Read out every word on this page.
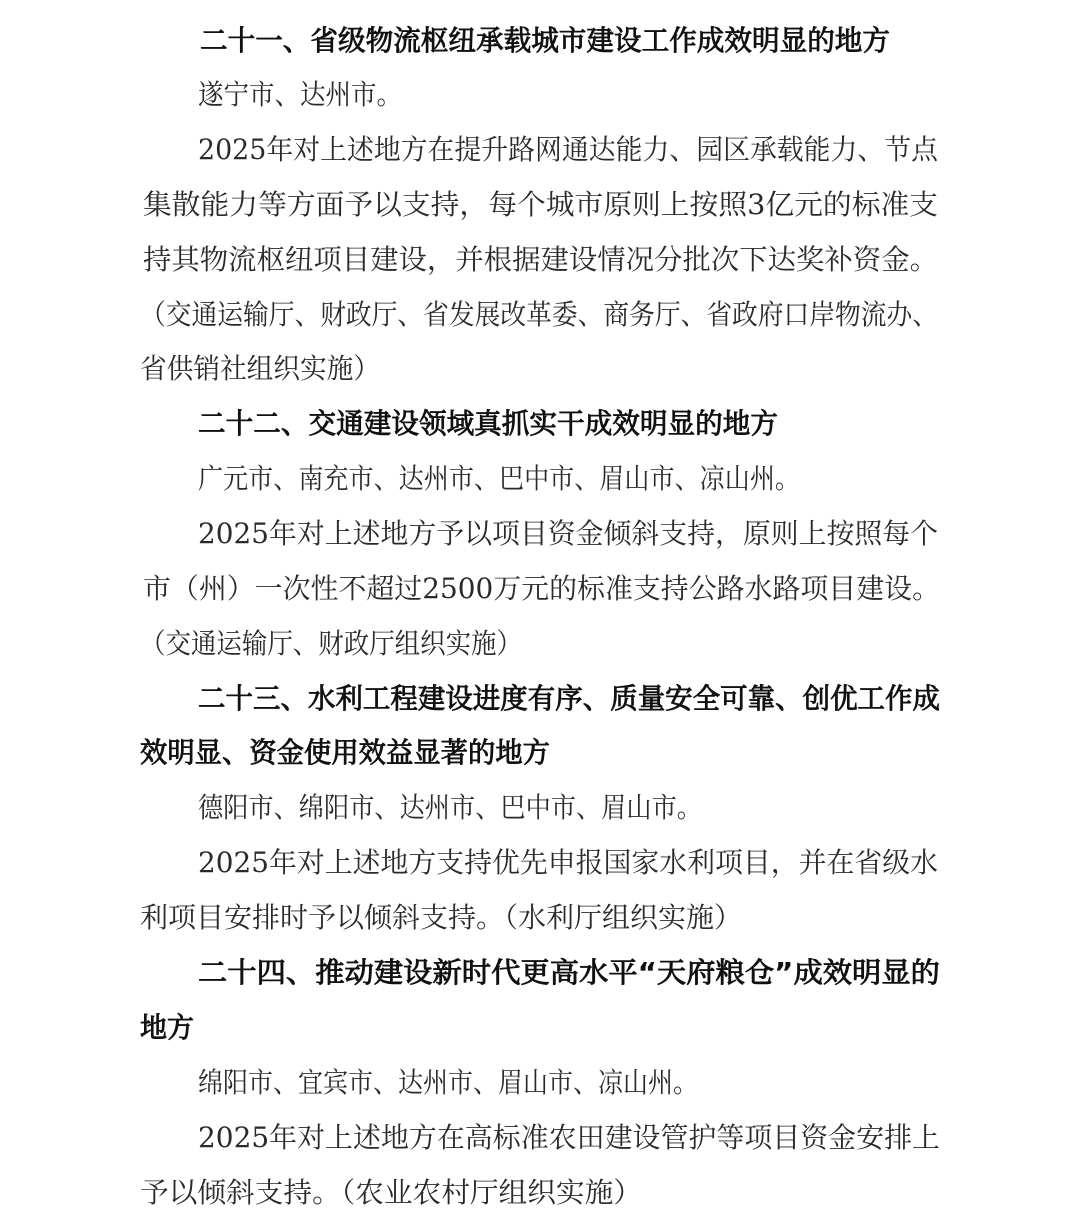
二十一、省级物流枢纽承载城市建设工作成效明显的地方
遂宁市、达州市。
2025年对上述地方在提升路网通达能力、园区承载能力、节点
集散能力等方面予以支持，每个城市原则上按照3亿元的标准支
持其物流枢纽项目建设，并根据建设情况分批次下达奖补资金。
（交通运输厅、财政厅、省发展改革委、商务厅、省政府口岸物流办、
省供销社组织实施）
二十二、交通建设领域真抓实干成效明显的地方
广元市、南充市、达州市、巴中市、眉山市、凉山州。
2025年对上述地方予以项目资金倾斜支持，原则上按照每个
市（州）一次性不超过2500万元的标准支持公路水路项目建设。
（交通运输厅、财政厅组织实施）
二十三、水利工程建设进度有序、质量安全可靠、创优工作成
效明显、资金使用效益显著的地方
德阳市、绵阳市、达州市、巴中市、眉山市。
2025年对上述地方支持优先申报国家水利项目，并在省级水
利项目安排时予以倾斜支持。（水利厅组织实施）
二十四、推动建设新时代更高水平“天府粮仓”成效明显的
地方
绵阳市、宜宾市、达州市、眉山市、凉山州。
2025年对上述地方在高标准农田建设管护等项目资金安排上
予以倾斜支持。（农业农村厅组织实施）
